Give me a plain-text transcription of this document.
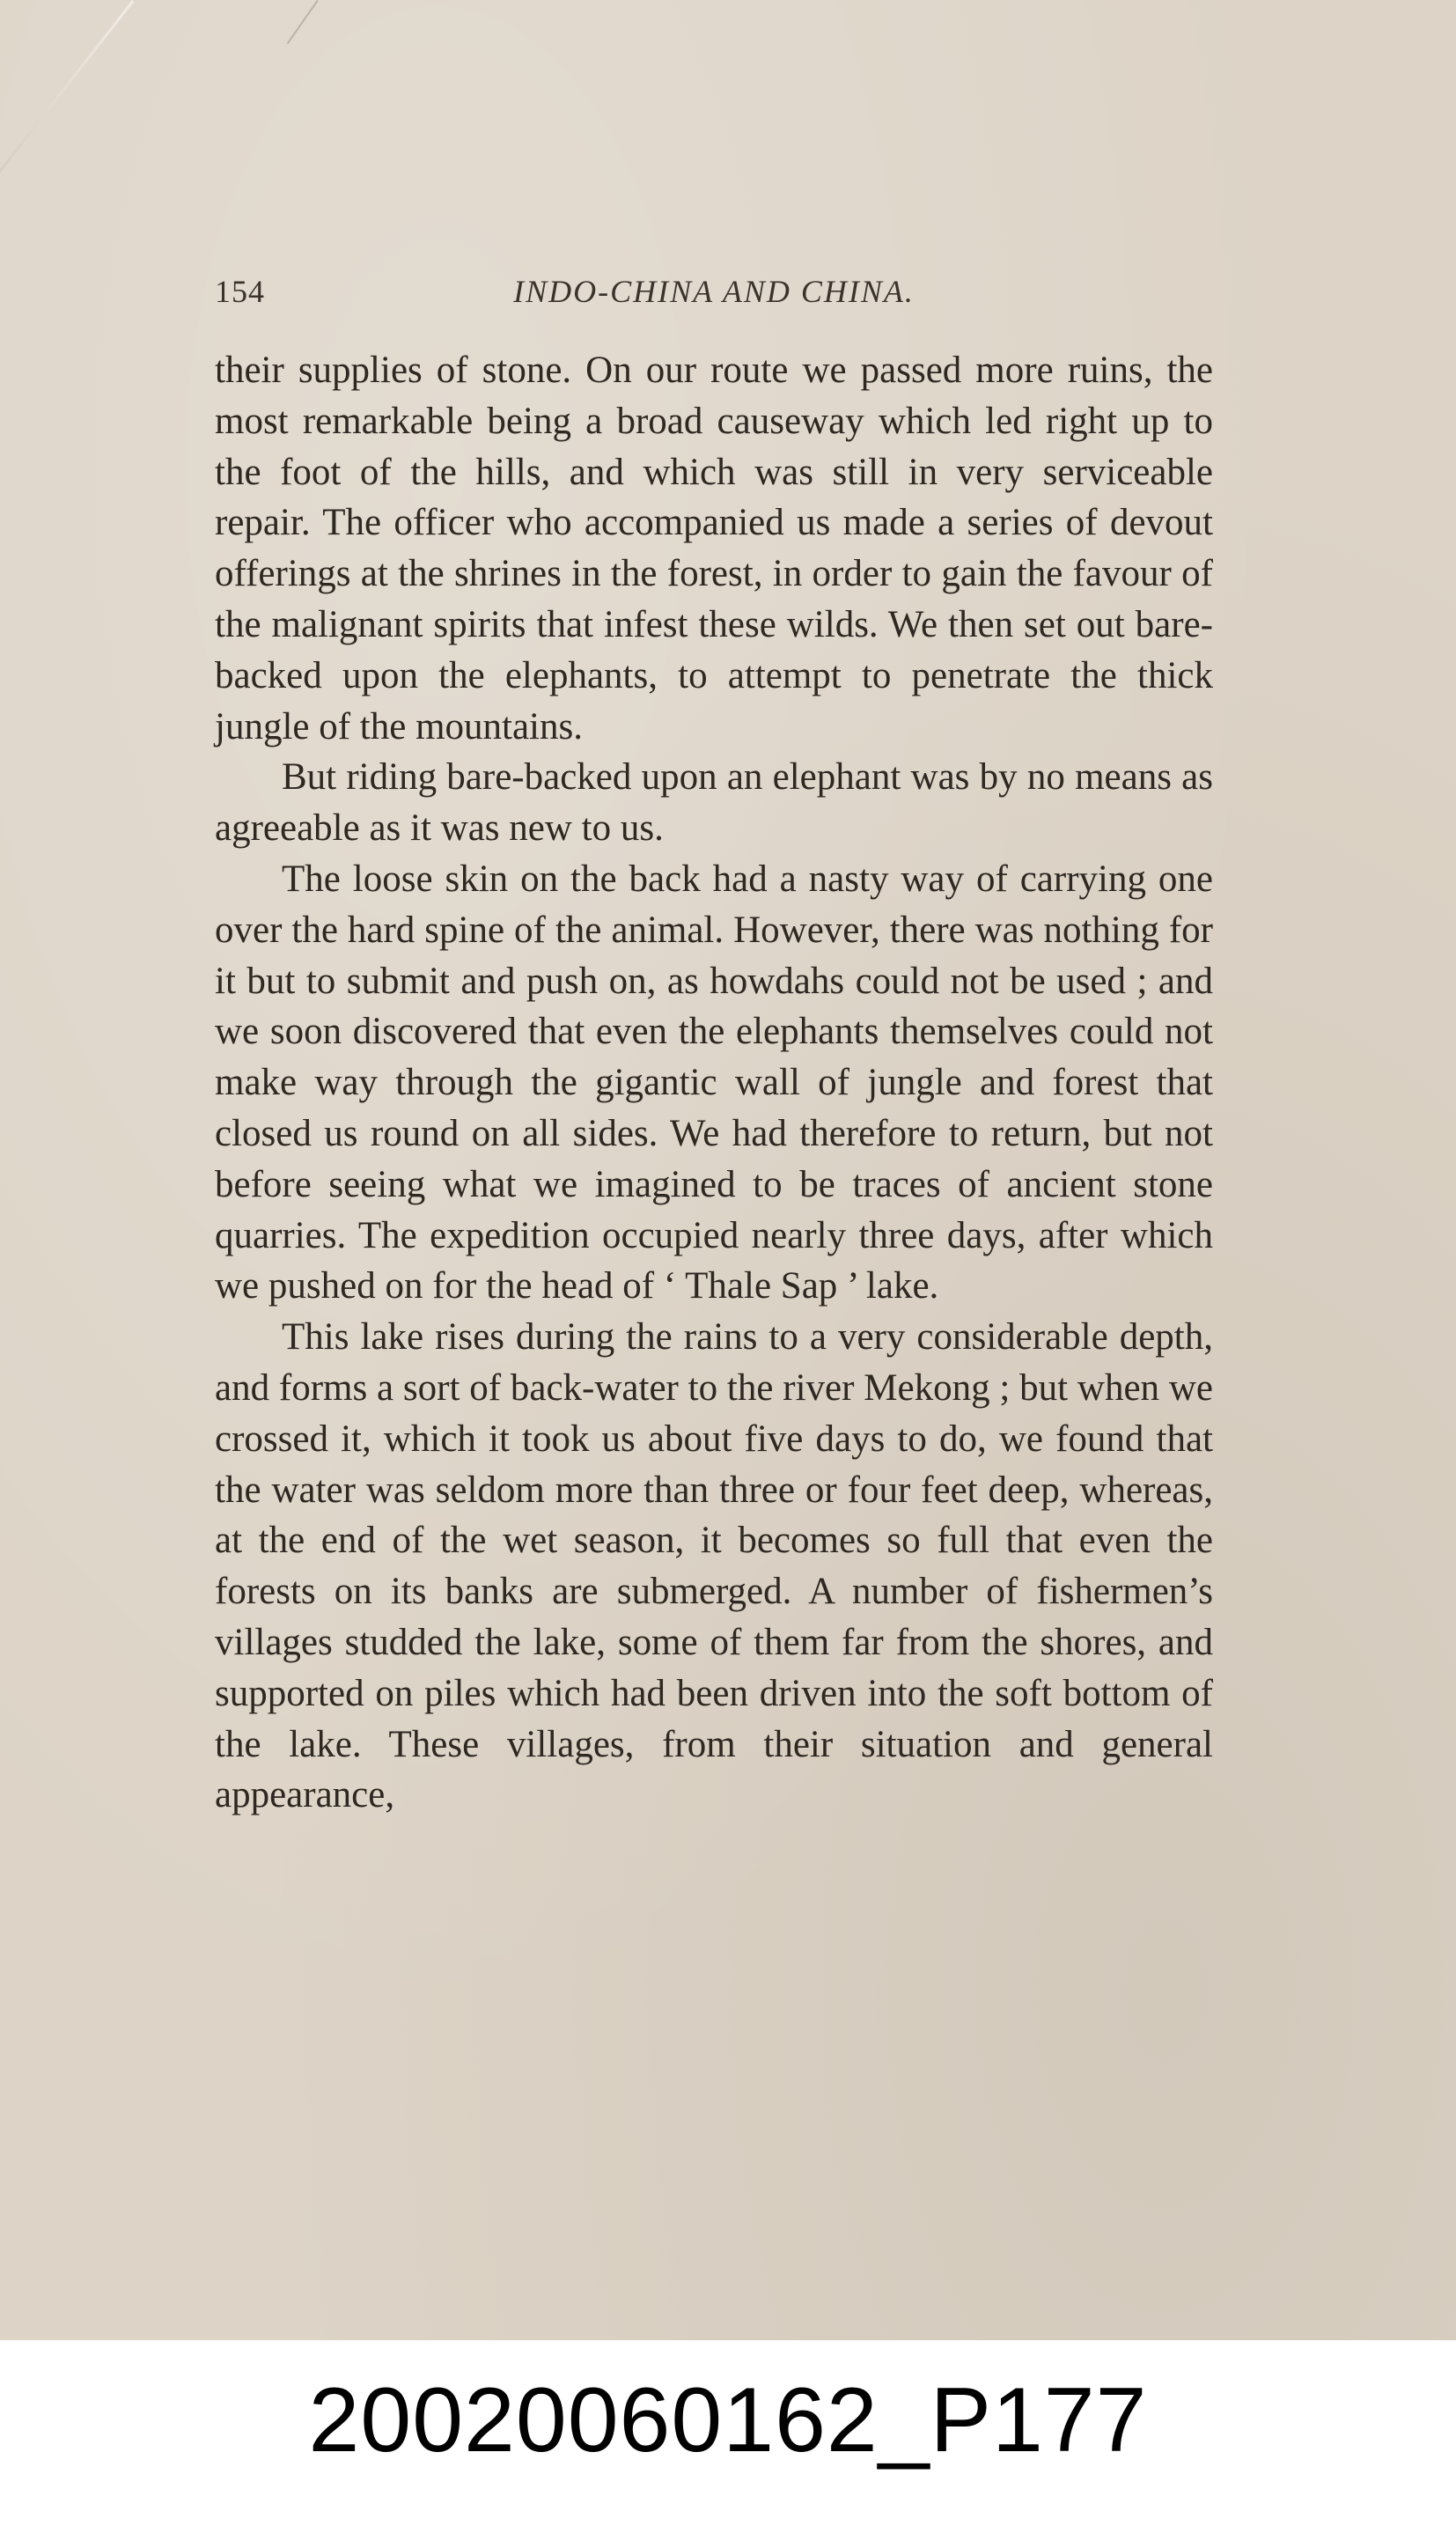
154	INDO-CHINA AND CHINA.

their supplies of stone. On our route we passed more ruins, the most remarkable being a broad causeway which led right up to the foot of the hills, and which was still in very serviceable repair. The officer who accompanied us made a series of devout offerings at the shrines in the forest, in order to gain the favour of the malignant spirits that infest these wilds. We then set out bare-backed upon the elephants, to attempt to penetrate the thick jungle of the mountains.

But riding bare-backed upon an elephant was by no means as agreeable as it was new to us.

The loose skin on the back had a nasty way of carrying one over the hard spine of the animal. However, there was nothing for it but to submit and push on, as howdahs could not be used ; and we soon discovered that even the elephants themselves could not make way through the gigantic wall of jungle and forest that closed us round on all sides. We had therefore to return, but not before seeing what we imagined to be traces of ancient stone quarries. The expedition occupied nearly three days, after which we pushed on for the head of ‘ Thale Sap ’ lake.

This lake rises during the rains to a very considerable depth, and forms a sort of back-water to the river Mekong ; but when we crossed it, which it took us about five days to do, we found that the water was seldom more than three or four feet deep, whereas, at the end of the wet season, it becomes so full that even the forests on its banks are submerged. A number of fishermen’s villages studded the lake, some of them far from the shores, and supported on piles which had been driven into the soft bottom of the lake. These villages, from their situation and general appearance,

20020060162_P177
